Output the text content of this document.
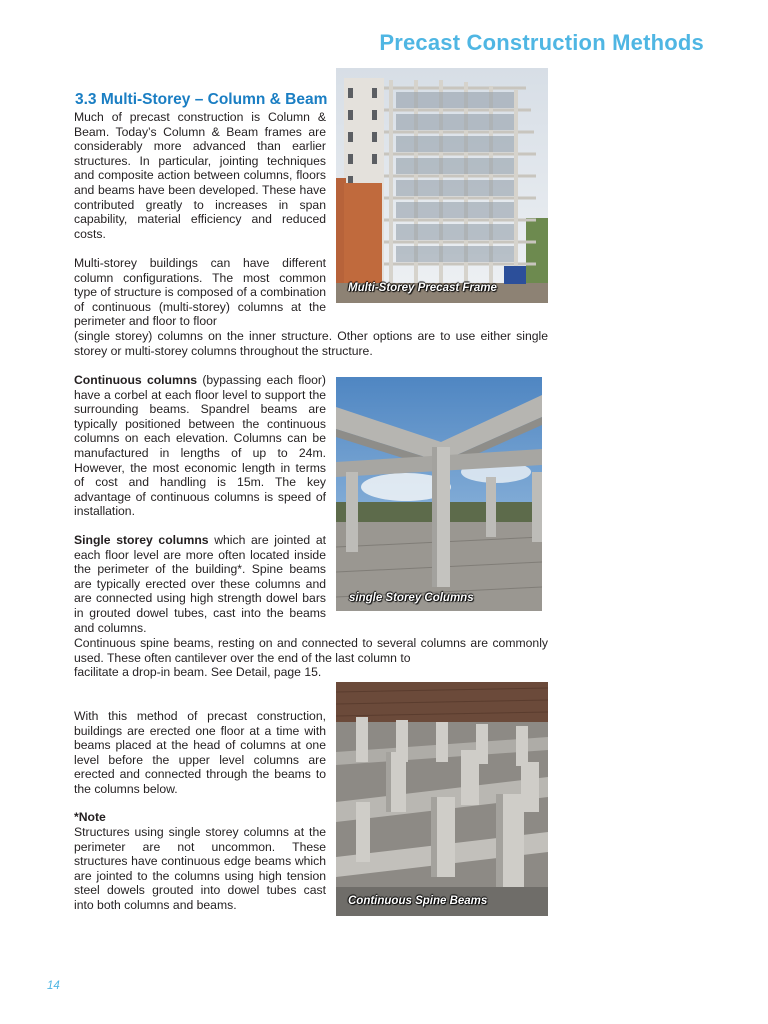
Precast Construction Methods
3.3 Multi-Storey – Column & Beam

Much of precast construction is Column & Beam. Today’s Column & Beam frames are considerably more advanced than earlier structures. In particular, jointing techniques and composite action between columns, floors and beams have been developed. These have contributed greatly to increases in span capability, material efficiency and reduced costs.

Multi-storey buildings can have different column configurations. The most common type of structure is composed of a combination of continuous (multi-storey) columns at the perimeter and floor to floor

(single storey) columns on the inner structure. Other options are to use either single storey or multi-storey columns throughout the structure.

Continuous columns (bypassing each floor) have a corbel at each floor level to support the surrounding beams. Spandrel beams are typically positioned between the continuous columns on each elevation. Columns can be manufactured in lengths of up to 24m. However, the most economic length in terms of cost and handling is 15m. The key advantage of continuous columns is speed of installation.

Single storey columns which are jointed at each floor level are more often located inside the perimeter of the building*. Spine beams are typically erected over these columns and are connected using high strength dowel bars in grouted dowel tubes, cast into the beams and columns.

Continuous spine beams, resting on and connected to several columns are commonly used. These often cantilever over the end of the last column to

facilitate a drop-in beam. See Detail, page 15.

With this method of precast construction, buildings are erected one floor at a time with beams placed at the head of columns at one level before the upper level columns are erected and connected through the beams to the columns below.

*Note

Structures using single storey columns at the perimeter are not uncommon. These structures have continuous edge beams which are jointed to the columns using high tension steel dowels grouted into dowel tubes cast into both columns and beams.

Multi-Storey Precast Frame
single Storey Columns
Continuous Spine Beams
14
